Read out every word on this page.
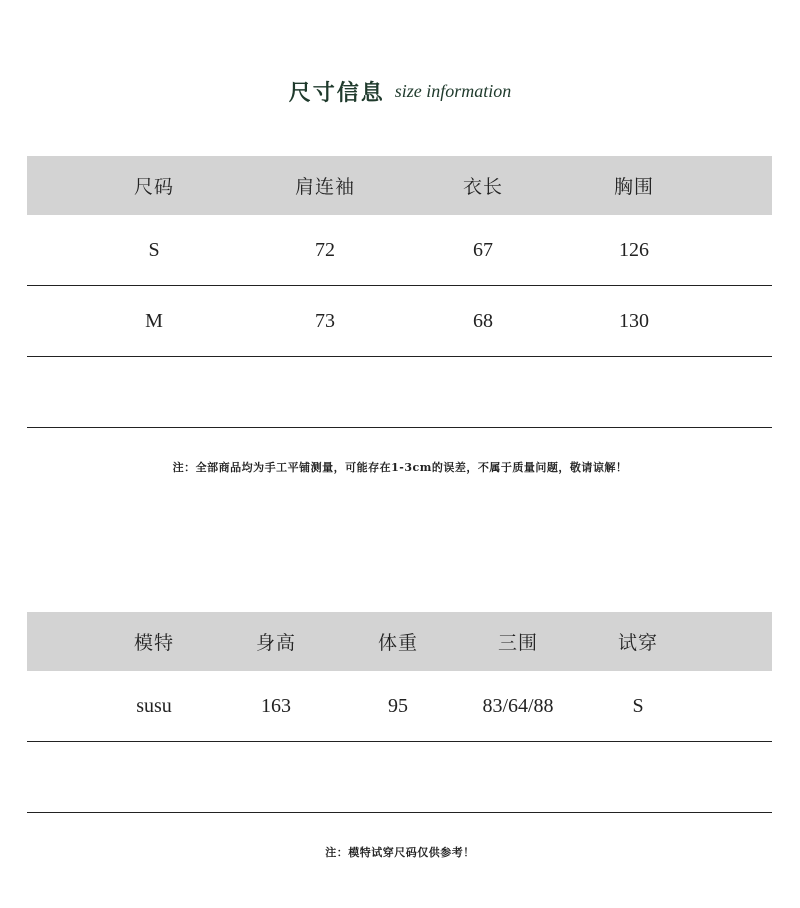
尺寸信息 size information
尺码	肩连袖	衣长	胸围
S	72	67	126
M	73	68	130
注：全部商品均为手工平铺测量，可能存在1-3cm的误差，不属于质量问题，敬请谅解！
模特	身高	体重	三围	试穿
susu	163	95	83/64/88	S
注：模特试穿尺码仅供参考！
